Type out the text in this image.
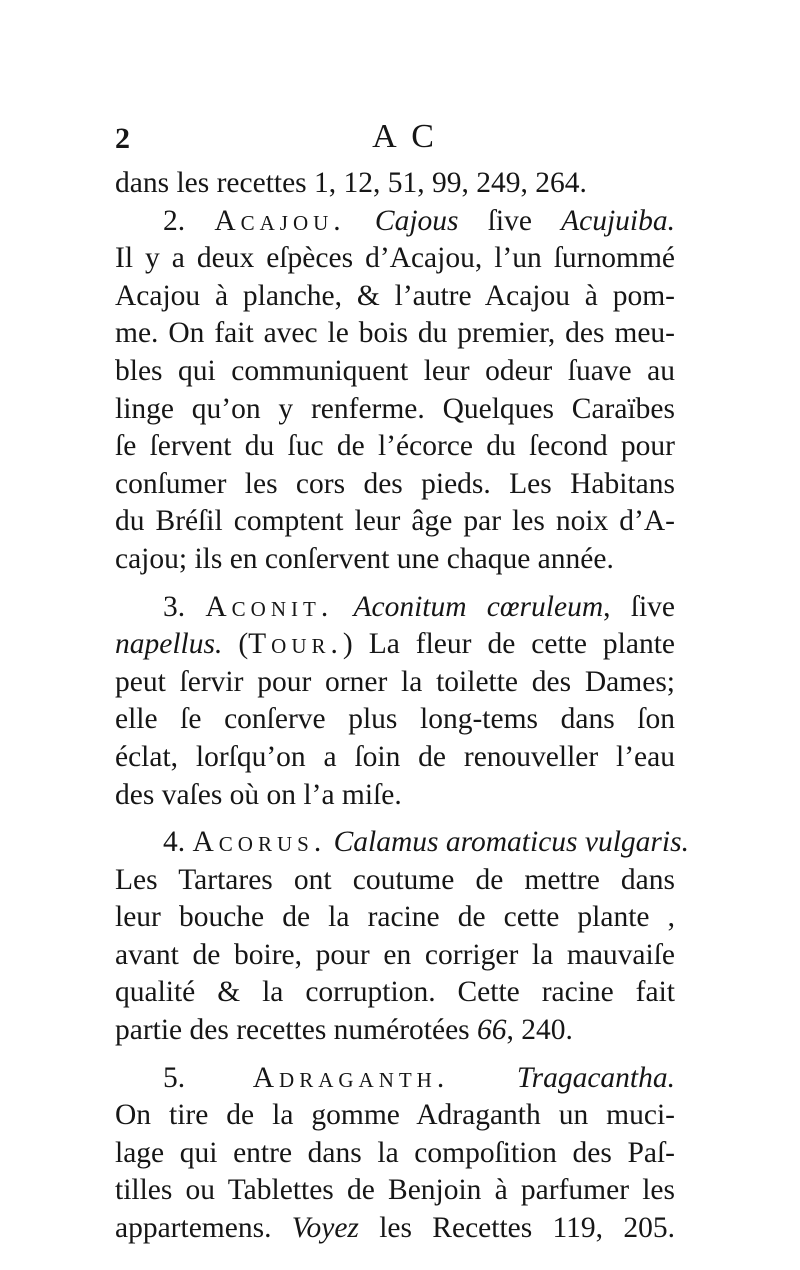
2	A C
dans les recettes 1, 12, 51, 99, 249, 264.
2. Acajou. Cajous ſive Acujuiba.
Il y a deux eſpèces d’Acajou, l’un ſurnommé
Acajou à planche, & l’autre Acajou à pom-
me. On fait avec le bois du premier, des meu-
bles qui communiquent leur odeur ſuave au
linge qu’on y renferme. Quelques Caraïbes
ſe ſervent du ſuc de l’écorce du ſecond pour
conſumer les cors des pieds. Les Habitans
du Bréſil comptent leur âge par les noix d’A-
cajou; ils en conſervent une chaque année.
3. Aconit. Aconitum cœruleum, ſive
napellus. (Tour.) La fleur de cette plante
peut ſervir pour orner la toilette des Dames;
elle ſe conſerve plus long-tems dans ſon
éclat, lorſqu’on a ſoin de renouveller l’eau
des vaſes où on l’a miſe.
4. Acorus. Calamus aromaticus vulgaris.
Les Tartares ont coutume de mettre dans
leur bouche de la racine de cette plante ,
avant de boire, pour en corriger la mauvaiſe
qualité & la corruption. Cette racine fait
partie des recettes numérotées 66, 240.
5. Adraganth. Tragacantha.
On tire de la gomme Adraganth un muci-
lage qui entre dans la compoſition des Paſ-
tilles ou Tablettes de Benjoin à parfumer les
appartemens. Voyez les Recettes 119, 205.
